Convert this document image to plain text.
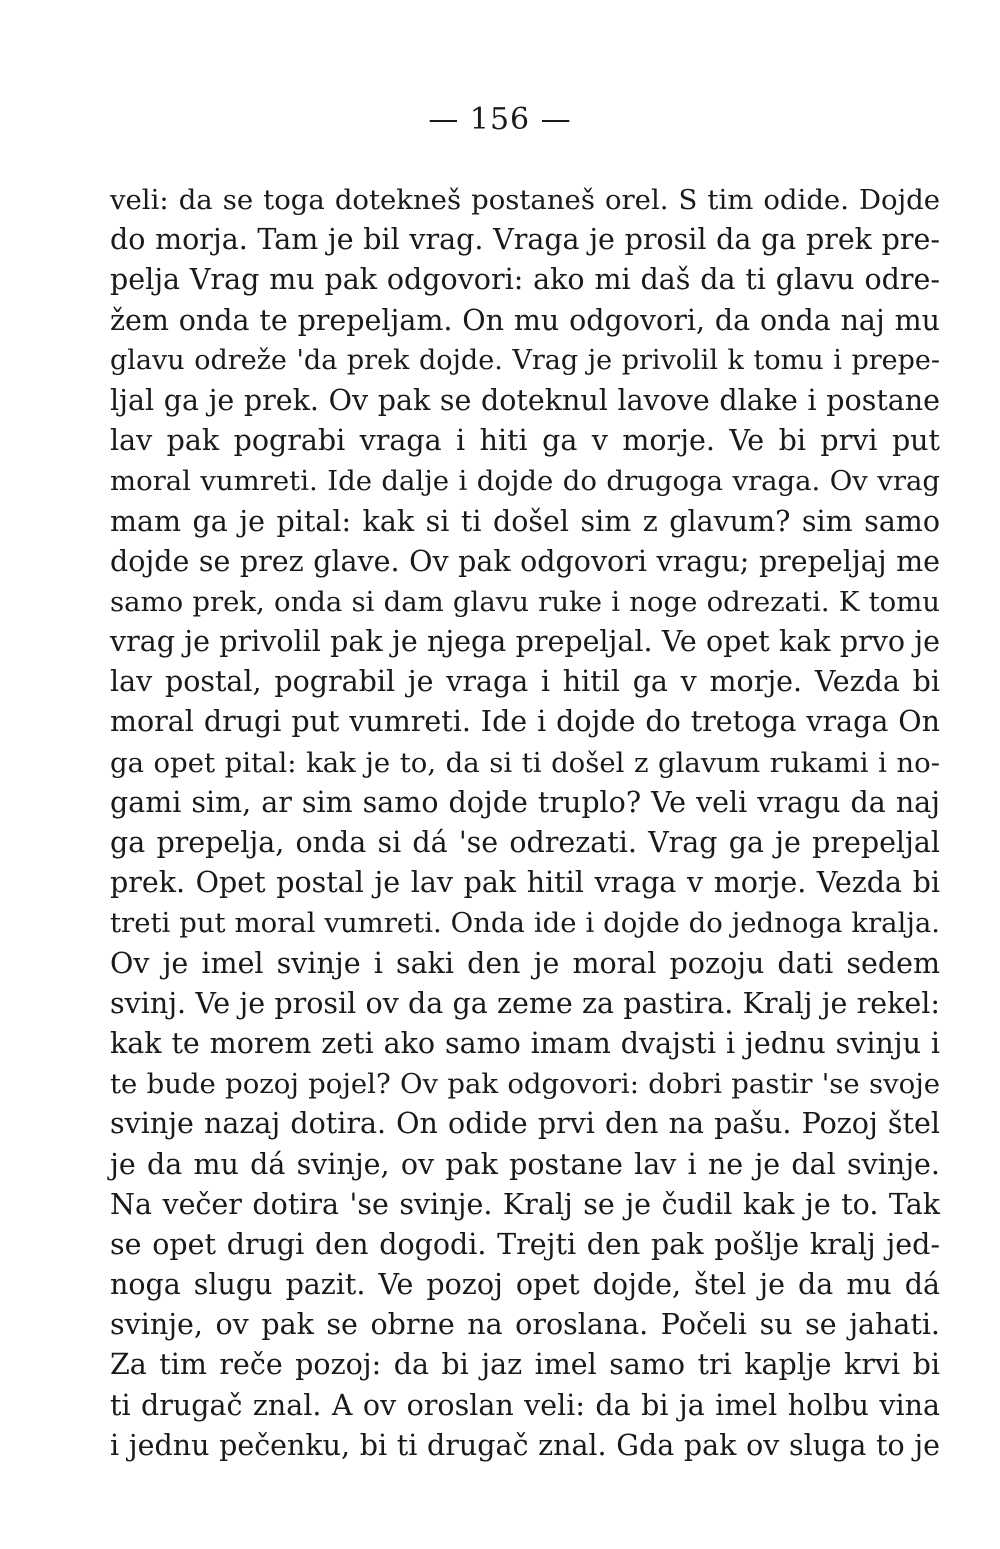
— 156 —
veli: da se toga dotekneš postaneš orel. S tim odide. Dojde
do morja. Tam je bil vrag. Vraga je prosil da ga prek pre-
pelja Vrag mu pak odgovori: ako mi daš da ti glavu odre-
žem onda te prepeljam. On mu odgovori, da onda naj mu
glavu odreže 'da prek dojde. Vrag je privolil k tomu i prepe-
ljal ga je prek. Ov pak se doteknul lavove dlake i postane
lav pak pograbi vraga i hiti ga v morje. Ve bi prvi put
moral vumreti. Ide dalje i dojde do drugoga vraga. Ov vrag
mam ga je pital: kak si ti došel sim z glavum? sim samo
dojde se prez glave. Ov pak odgovori vragu; prepeljaj me
samo prek, onda si dam glavu ruke i noge odrezati. K tomu
vrag je privolil pak je njega prepeljal. Ve opet kak prvo je
lav postal, pograbil je vraga i hitil ga v morje. Vezda bi
moral drugi put vumreti. Ide i dojde do tretoga vraga On
ga opet pital: kak je to, da si ti došel z glavum rukami i no-
gami sim, ar sim samo dojde truplo? Ve veli vragu da naj
ga prepelja, onda si dá 'se odrezati. Vrag ga je prepeljal
prek. Opet postal je lav pak hitil vraga v morje. Vezda bi
treti put moral vumreti. Onda ide i dojde do jednoga kralja.
Ov je imel svinje i saki den je moral pozoju dati sedem
svinj. Ve je prosil ov da ga zeme za pastira. Kralj je rekel:
kak te morem zeti ako samo imam dvajsti i jednu svinju i
te bude pozoj pojel? Ov pak odgovori: dobri pastir 'se svoje
svinje nazaj dotira. On odide prvi den na pašu. Pozoj štel
je da mu dá svinje, ov pak postane lav i ne je dal svinje.
Na večer dotira 'se svinje. Kralj se je čudil kak je to. Tak
se opet drugi den dogodi. Trejti den pak pošlje kralj jed-
noga slugu pazit. Ve pozoj opet dojde, štel je da mu dá
svinje, ov pak se obrne na oroslana. Počeli su se jahati.
Za tim reče pozoj: da bi jaz imel samo tri kaplje krvi bi
ti drugač znal. A ov oroslan veli: da bi ja imel holbu vina
i jednu pečenku, bi ti drugač znal. Gda pak ov sluga to je
